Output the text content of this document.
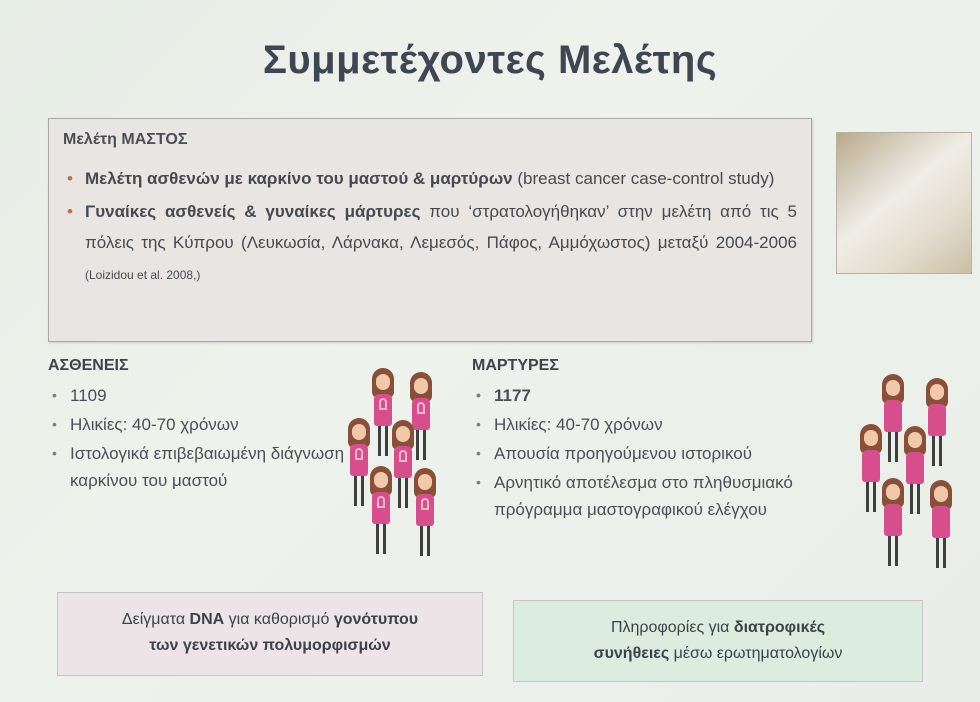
Συμμετέχοντες Μελέτης
Μελέτη ΜΑΣΤΟΣ
• Μελέτη ασθενών με καρκίνο του μαστού & μαρτύρων (breast cancer case-control study)
• Γυναίκες ασθενείς & γυναίκες μάρτυρες που ‘στρατολογήθηκαν’ στην μελέτη από τις 5 πόλεις της Κύπρου (Λευκωσία, Λάρνακα, Λεμεσός, Πάφος, Αμμόχωστος) μεταξύ 2004-2006 (Loizidou et al. 2008,)
ΑΣΘΕΝΕΙΣ
• 1109
• Ηλικίες: 40-70 χρόνων
• Ιστολογικά επιβεβαιωμένη διάγνωση καρκίνου του μαστού
ΜΑΡΤΥΡΕΣ
• 1177
• Ηλικίες: 40-70 χρόνων
• Απουσία προηγούμενου ιστορικού
• Αρνητικό αποτέλεσμα στο πληθυσμιακό πρόγραμμα μαστογραφικού ελέγχου
Δείγματα DNA για καθορισμό γονότυπου
των γενετικών πολυμορφισμών
Πληροφορίες για διατροφικές
συνήθειες μέσω ερωτηματολογίων
